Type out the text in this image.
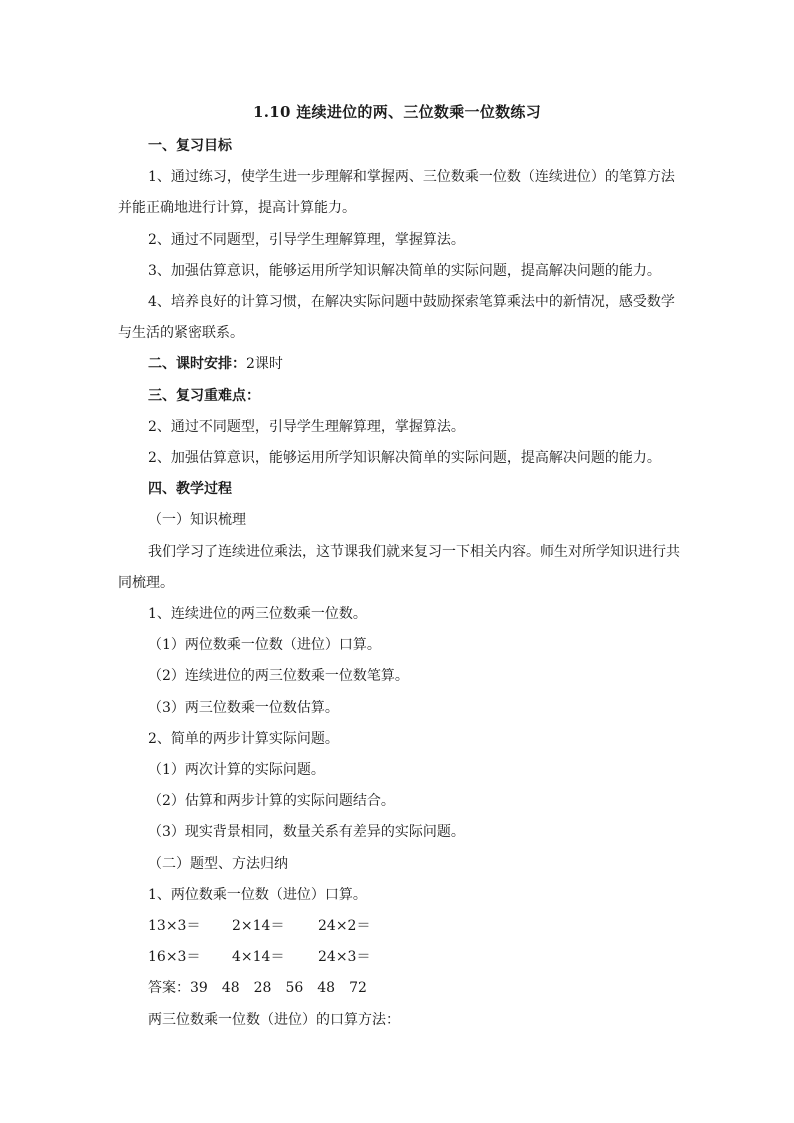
1.10 连续进位的两、三位数乘一位数练习
一、复习目标
1、通过练习，使学生进一步理解和掌握两、三位数乘一位数（连续进位）的笔算方法
并能正确地进行计算，提高计算能力。
2、通过不同题型，引导学生理解算理，掌握算法。
3、加强估算意识，能够运用所学知识解决简单的实际问题，提高解决问题的能力。
4、培养良好的计算习惯，在解决实际问题中鼓励探索笔算乘法中的新情况，感受数学
与生活的紧密联系。
二、课时安排：2课时
三、复习重难点：
2、通过不同题型，引导学生理解算理，掌握算法。
2、加强估算意识，能够运用所学知识解决简单的实际问题，提高解决问题的能力。
四、教学过程
（一）知识梳理
我们学习了连续进位乘法，这节课我们就来复习一下相关内容。师生对所学知识进行共
同梳理。
1、连续进位的两三位数乘一位数。
（1）两位数乘一位数（进位）口算。
（2）连续进位的两三位数乘一位数笔算。
（3）两三位数乘一位数估算。
2、简单的两步计算实际问题。
（1）两次计算的实际问题。
（2）估算和两步计算的实际问题结合。
（3）现实背景相同，数量关系有差异的实际问题。
（二）题型、方法归纳
1、两位数乘一位数（进位）口算。
13×3＝ 2×14＝ 24×2＝
16×3＝ 4×14＝ 24×3＝
答案：39　48　28　56　48　72
两三位数乘一位数（进位）的口算方法：
